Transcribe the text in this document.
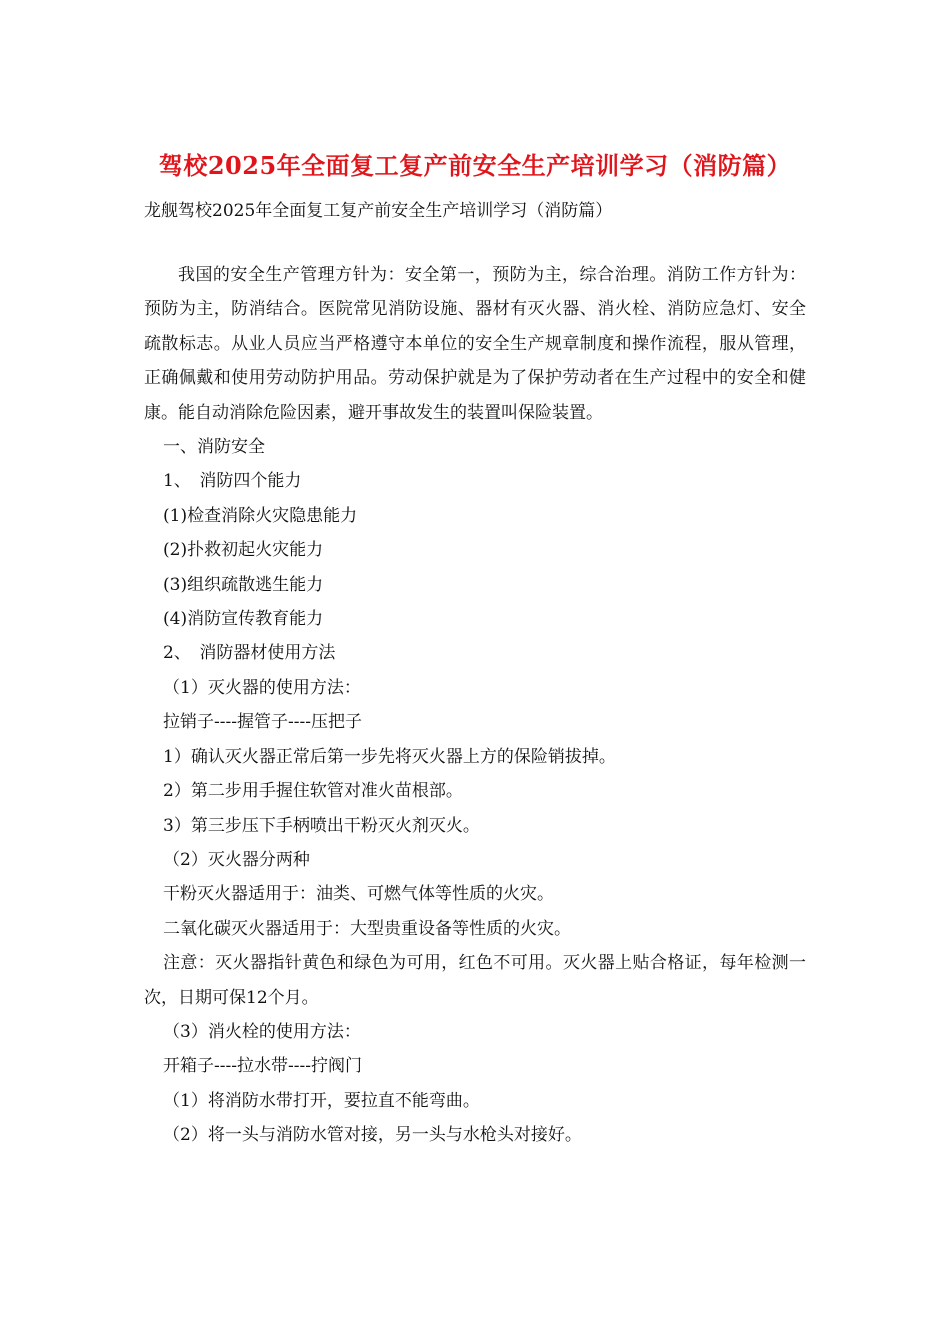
驾校2025年全面复工复产前安全生产培训学习（消防篇）
龙舰驾校2025年全面复工复产前安全生产培训学习（消防篇）

我国的安全生产管理方针为：安全第一，预防为主，综合治理。消防工作方针为：预防为主，防消结合。医院常见消防设施、器材有灭火器、消火栓、消防应急灯、安全疏散标志。从业人员应当严格遵守本单位的安全生产规章制度和操作流程，服从管理，正确佩戴和使用劳动防护用品。劳动保护就是为了保护劳动者在生产过程中的安全和健康。能自动消除危险因素，避开事故发生的装置叫保险装置。

一、消防安全

1、　消防四个能力

(1)检查消除火灾隐患能力

(2)扑救初起火灾能力

(3)组织疏散逃生能力

(4)消防宣传教育能力

2、　消防器材使用方法

（1）灭火器的使用方法：

拉销子----握管子----压把子

1）确认灭火器正常后第一步先将灭火器上方的保险销拔掉。

2）第二步用手握住软管对准火苗根部。

3）第三步压下手柄喷出干粉灭火剂灭火。

（2）灭火器分两种

干粉灭火器适用于：油类、可燃气体等性质的火灾。

二氧化碳灭火器适用于：大型贵重设备等性质的火灾。

注意：灭火器指针黄色和绿色为可用，红色不可用。灭火器上贴合格证，每年检测一次，日期可保12个月。

（3）消火栓的使用方法：

开箱子----拉水带----拧阀门

（1）将消防水带打开，要拉直不能弯曲。

（2）将一头与消防水管对接，另一头与水枪头对接好。
